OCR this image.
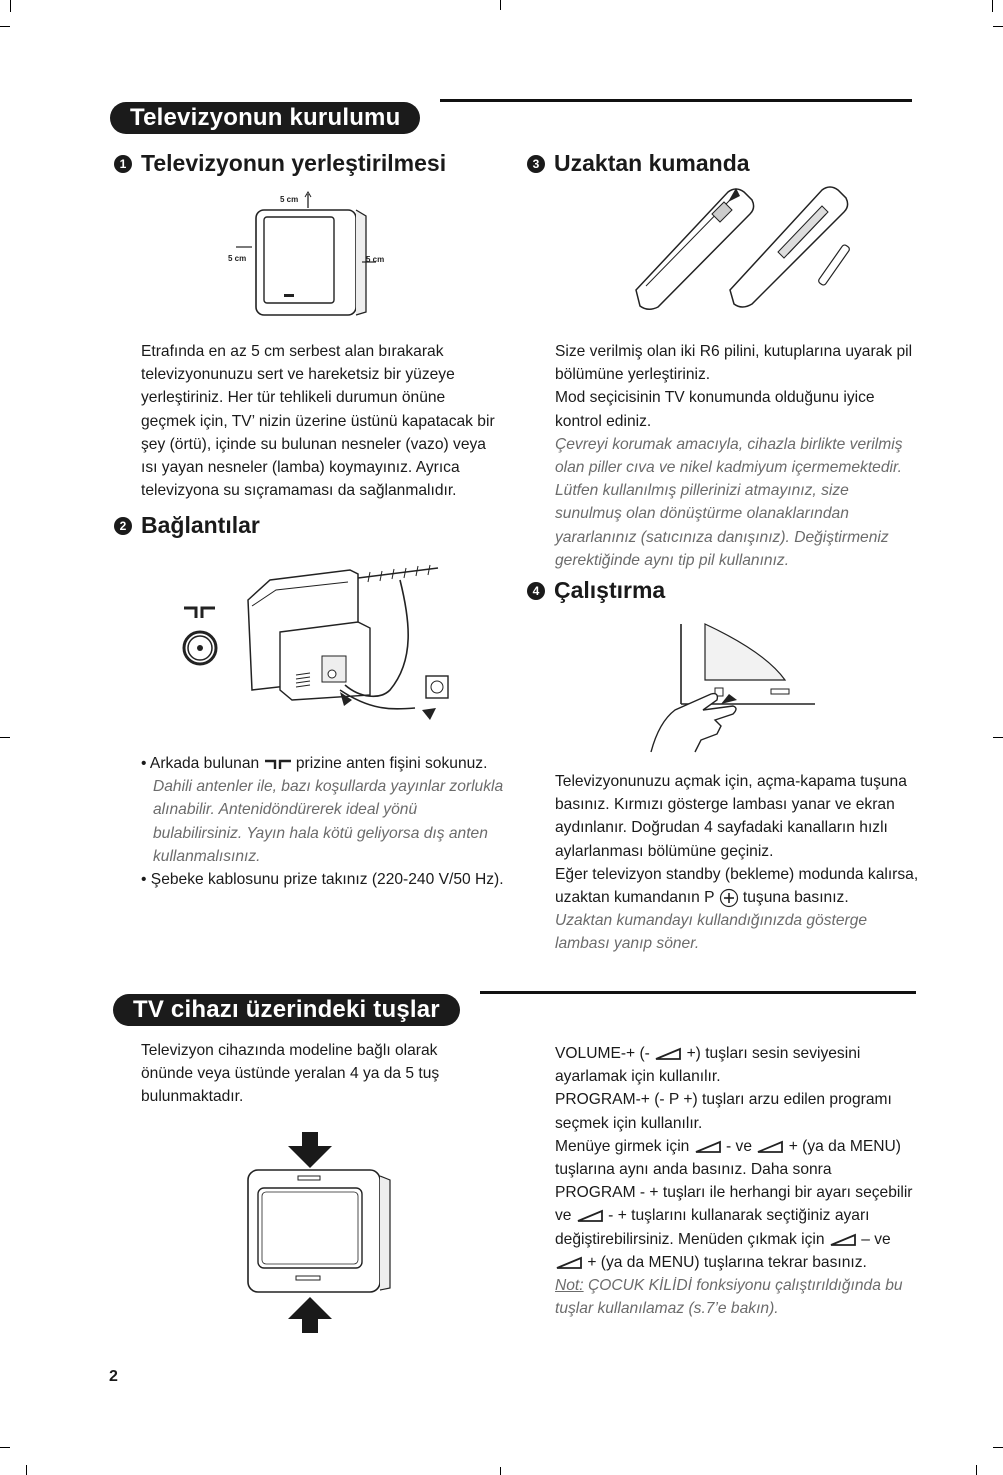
Televizyonun kurulumu
1 Televizyonun yerleştirilmesi
5 cm
5 cm	5 cm

Etrafında en az 5 cm serbest alan bırakarak televizyonunuzu sert ve hareketsiz bir yüzeye yerleştiriniz. Her tür tehlikeli durumun önüne geçmek için, TV’ nizin üzerine üstünü kapatacak bir şey (örtü), içinde su bulunan nesneler (vazo) veya ısı yayan nesneler (lamba) koymayınız. Ayrıca televizyona su sıçramaması da sağlanmalıdır.

2 Bağlantılar

• Arkada bulunan prizine anten fişini sokunuz.

Dahili antenler ile, bazı koşullarda yayınlar zorlukla alınabilir. Antenidöndürerek ideal yönü bulabilirsiniz. Yayın hala kötü geliyorsa dış anten kullanmalısınız.

• Şebeke kablosunu prize takınız (220-240 V/50 Hz).

3 Uzaktan kumanda

Size verilmiş olan iki R6 pilini, kutuplarına uyarak pil bölümüne yerleştiriniz.

Mod seçicisinin TV konumunda olduğunu iyice kontrol ediniz.

Çevreyi korumak amacıyla, cihazla birlikte verilmiş olan piller cıva ve nikel kadmiyum içermemektedir. Lütfen kullanılmış pillerinizi atmayınız, size sunulmuş olan dönüştürme olanaklarından yararlanınız (satıcınıza danışınız). Değiştirmeniz gerektiğinde aynı tip pil kullanınız.

4 Çalıştırma

Televizyonunuzu açmak için, açma-kapama tuşuna basınız. Kırmızı gösterge lambası yanar ve ekran aydınlanır. Doğrudan 4 sayfadaki kanalların hızlı aylarlanması bölümüne geçiniz.

Eğer televizyon standby (bekleme) modunda kalırsa, uzaktan kumandanın P tuşuna basınız.

Uzaktan kumandayı kullandığınızda gösterge lambası yanıp söner.

TV cihazı üzerindeki tuşlar

Televizyon cihazında modeline bağlı olarak önünde veya üstünde yeralan 4 ya da 5 tuş bulunmaktadır.

VOLUME-+ (- +) tuşları sesin seviyesini ayarlamak için kullanılır.

PROGRAM-+ (- P +) tuşları arzu edilen programı seçmek için kullanılır.

Menüye girmek için - ve + (ya da MENU) tuşlarına aynı anda basınız. Daha sonra PROGRAM - + tuşları ile herhangi bir ayarı seçebilir ve - + tuşlarını kullanarak seçtiğiniz ayarı değiştirebilirsiniz. Menüden çıkmak için – ve  + (ya da MENU) tuşlarına tekrar basınız.

Not: ÇOCUK KİLİDİ fonksiyonu çalıştırıldığında bu tuşlar kullanılamaz (s.7’e bakın).

2
